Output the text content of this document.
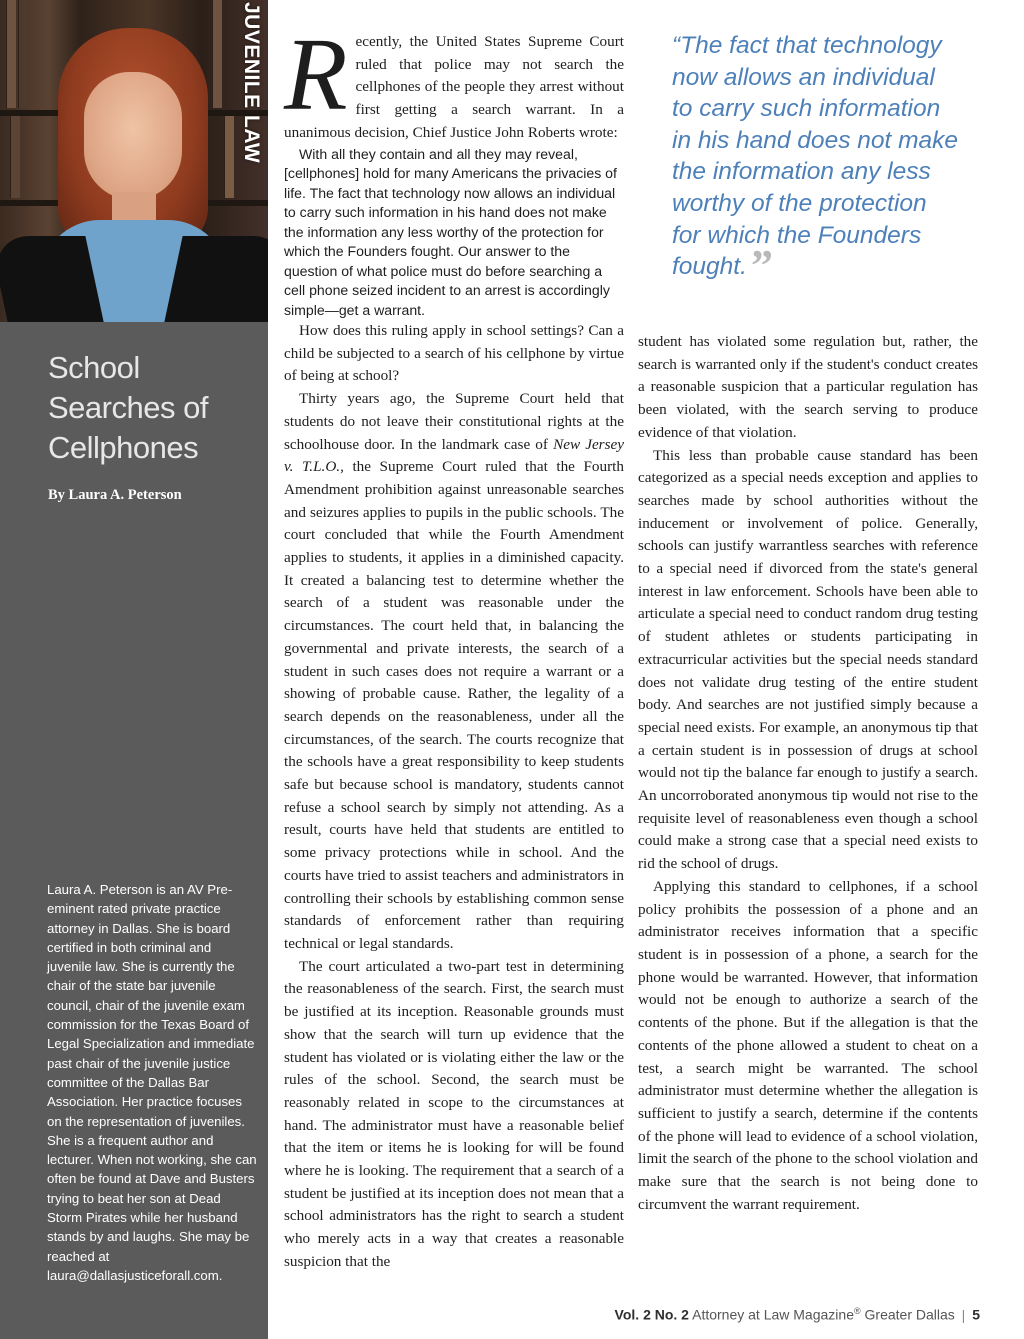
JUVENILE LAW
School Searches of Cellphones

By Laura A. Peterson

Laura A. Peterson is an AV Pre-eminent rated private practice attorney in Dallas. She is board certified in both criminal and juvenile law. She is currently the chair of the state bar juvenile council, chair of the juvenile exam commission for the Texas Board of Legal Specialization and immediate past chair of the juvenile justice committee of the Dallas Bar Association. Her practice focuses on the representation of juveniles. She is a frequent author and lecturer. When not working, she can often be found at Dave and Busters trying to beat her son at Dead Storm Pirates while her husband stands by and laughs. She may be reached at laura@dallasjusticeforall.com.

Recently, the United States Supreme Court ruled that police may not search the cellphones of the people they arrest without first getting a search warrant. In a unanimous decision, Chief Justice John Roberts wrote:

With all they contain and all they may reveal, [cellphones] hold for many Americans the privacies of life. The fact that technology now allows an individual to carry such information in his hand does not make the information any less worthy of the protection for which the Founders fought. Our answer to the question of what police must do before searching a cell phone seized incident to an arrest is accordingly simple—get a warrant.

How does this ruling apply in school settings? Can a child be subjected to a search of his cellphone by virtue of being at school?

Thirty years ago, the Supreme Court held that students do not leave their constitutional rights at the schoolhouse door. In the landmark case of New Jersey v. T.L.O., the Supreme Court ruled that the Fourth Amendment prohibition against unreasonable searches and seizures applies to pupils in the public schools. The court concluded that while the Fourth Amendment applies to students, it applies in a diminished capacity. It created a balancing test to determine whether the search of a student was reasonable under the circumstances. The court held that, in balancing the governmental and private interests, the search of a student in such cases does not require a warrant or a showing of probable cause. Rather, the legality of a search depends on the reasonableness, under all the circumstances, of the search. The courts recognize that the schools have a great responsibility to keep students safe but because school is mandatory, students cannot refuse a school search by simply not attending. As a result, courts have held that students are entitled to some privacy protections while in school. And the courts have tried to assist teachers and administrators in controlling their schools by establishing common sense standards of enforcement rather than requiring technical or legal standards.

The court articulated a two-part test in determining the reasonableness of the search. First, the search must be justified at its inception. Reasonable grounds must show that the search will turn up evidence that the student has violated or is violating either the law or the rules of the school. Second, the search must be reasonably related in scope to the circumstances at hand. The administrator must have a reasonable belief that the item or items he is looking for will be found where he is looking. The requirement that a search of a student be justified at its inception does not mean that a school administrators has the right to search a student who merely acts in a way that creates a reasonable suspicion that the

“The fact that technology now allows an individual to carry such information in his hand does not make the information any less worthy of the protection for which the Founders fought.”

student has violated some regulation but, rather, the search is warranted only if the student's conduct creates a reasonable suspicion that a particular regulation has been violated, with the search serving to produce evidence of that violation.

This less than probable cause standard has been categorized as a special needs exception and applies to searches made by school authorities without the inducement or involvement of police. Generally, schools can justify warrantless searches with reference to a special need if divorced from the state's general interest in law enforcement. Schools have been able to articulate a special need to conduct random drug testing of student athletes or students participating in extracurricular activities but the special needs standard does not validate drug testing of the entire student body. And searches are not justified simply because a special need exists. For example, an anonymous tip that a certain student is in possession of drugs at school would not tip the balance far enough to justify a search. An uncorroborated anonymous tip would not rise to the requisite level of reasonableness even though a school could make a strong case that a special need exists to rid the school of drugs.

Applying this standard to cellphones, if a school policy prohibits the possession of a phone and an administrator receives information that a specific student is in possession of a phone, a search for the phone would be warranted. However, that information would not be enough to authorize a search of the contents of the phone. But if the allegation is that the contents of the phone allowed a student to cheat on a test, a search might be warranted. The school administrator must determine whether the allegation is sufficient to justify a search, determine if the contents of the phone will lead to evidence of a school violation, limit the search of the phone to the school violation and make sure that the search is not being done to circumvent the warrant requirement.

Vol. 2 No. 2 Attorney at Law Magazine® Greater Dallas | 5
